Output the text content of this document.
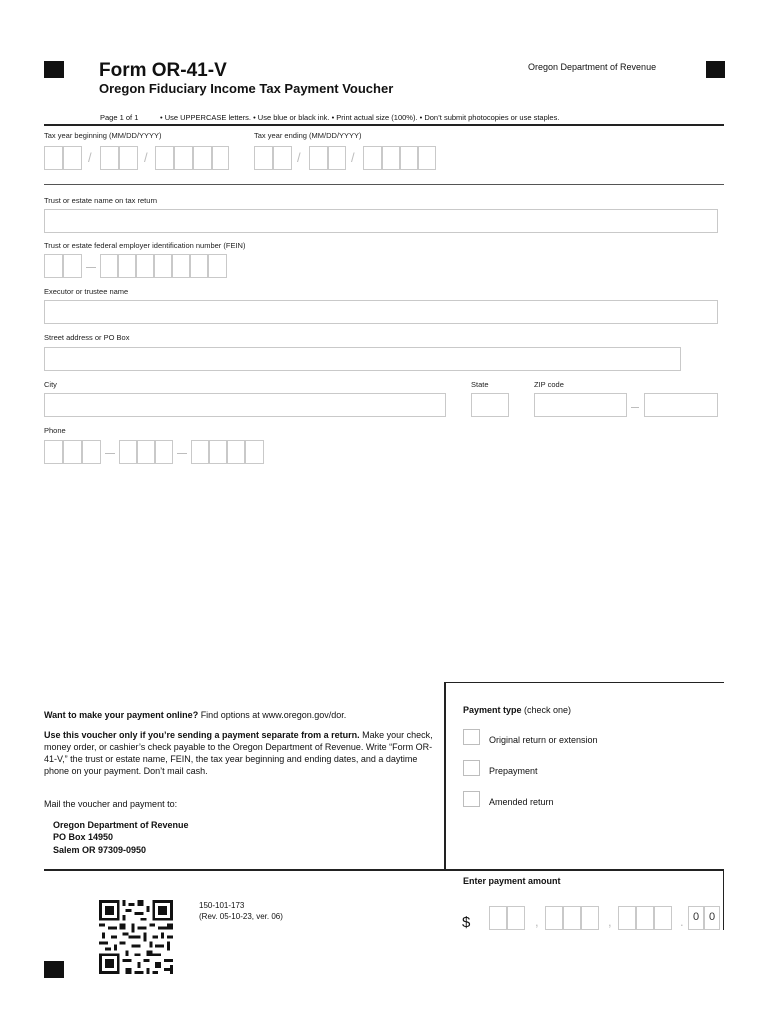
Form OR-41-V
Oregon Fiduciary Income Tax Payment Voucher
Oregon Department of Revenue
Page 1 of 1	• Use UPPERCASE letters. • Use blue or black ink. • Print actual size (100%). • Don’t submit photocopies or use staples.
Tax year beginning (MM/DD/YYYY)	Tax year ending (MM/DD/YYYY)
/	/	/	/
Trust or estate name on tax return
Trust or estate federal employer identification number (FEIN)
Executor or trustee name
Street address or PO Box
City	State	ZIP code
Phone
Want to make your payment online? Find options at www.oregon.gov/dor.
Use this voucher only if you’re sending a payment separate from a return. Make your check, money order, or cashier’s check payable to the Oregon Department of Revenue. Write “Form OR-41-V,” the trust or estate name, FEIN, the tax year beginning and ending dates, and a daytime phone on your payment. Don’t mail cash.
Mail the voucher and payment to:
Oregon Department of Revenue
PO Box 14950
Salem OR 97309-0950
Payment type (check one)
Original return or extension
Prepayment
Amended return
Enter payment amount
$	,	,	. 0 0
150-101-173
(Rev. 05-10-23, ver. 06)
